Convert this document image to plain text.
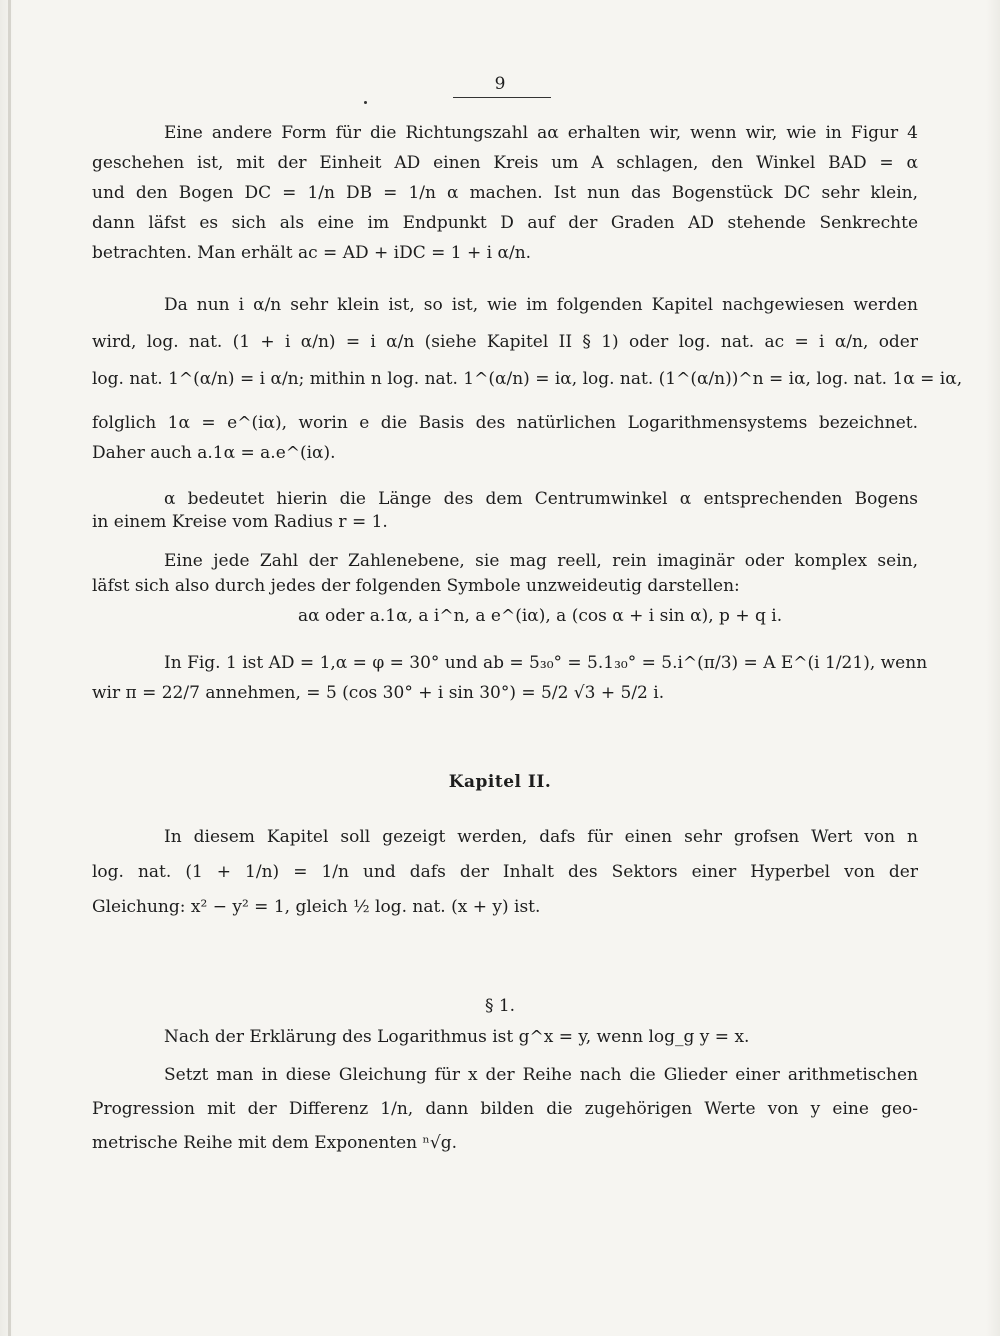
9
Eine andere Form für die Richtungszahl aα erhalten wir, wenn wir, wie in Figur 4
geschehen ist, mit der Einheit AD einen Kreis um A schlagen, den Winkel BAD = α
und den Bogen DC = 1/n DB = 1/n α machen. Ist nun das Bogenstück DC sehr klein,
dann läfst es sich als eine im Endpunkt D auf der Graden AD stehende Senkrechte
betrachten. Man erhält ac = AD + iDC = 1 + i α/n.
Da nun i α/n sehr klein ist, so ist, wie im folgenden Kapitel nachgewiesen werden
wird, log. nat. (1 + i α/n) = i α/n (siehe Kapitel II § 1) oder log. nat. ac = i α/n, oder
log. nat. 1^(α/n) = i α/n; mithin n log. nat. 1^(α/n) = iα, log. nat. (1^(α/n))^n = iα, log. nat. 1α = iα,
folglich 1α = e^(iα), worin e die Basis des natürlichen Logarithmensystems bezeichnet.
Daher auch a.1α = a.e^(iα).
α bedeutet hierin die Länge des dem Centrumwinkel α entsprechenden Bogens
in einem Kreise vom Radius r = 1.
Eine jede Zahl der Zahlenebene, sie mag reell, rein imaginär oder komplex sein,
läfst sich also durch jedes der folgenden Symbole unzweideutig darstellen:
aα oder a.1α, a i^n, a e^(iα), a (cos α + i sin α), p + q i.
In Fig. 1 ist AD = 1,α = φ = 30° und ab = 5₃₀° = 5.1₃₀° = 5.i^(π/3) = A E^(i 1/21), wenn
wir π = 22/7 annehmen, = 5 (cos 30° + i sin 30°) = 5/2 √3 + 5/2 i.
Kapitel II.
In diesem Kapitel soll gezeigt werden, dafs für einen sehr grofsen Wert von n
log. nat. (1 + 1/n) = 1/n und dafs der Inhalt des Sektors einer Hyperbel von der
Gleichung: x² − y² = 1, gleich ½ log. nat. (x + y) ist.
§ 1.
Nach der Erklärung des Logarithmus ist g^x = y, wenn log_g y = x.
Setzt man in diese Gleichung für x der Reihe nach die Glieder einer arithmetischen
Progression mit der Differenz 1/n, dann bilden die zugehörigen Werte von y eine geo-
metrische Reihe mit dem Exponenten ⁿ√g.
